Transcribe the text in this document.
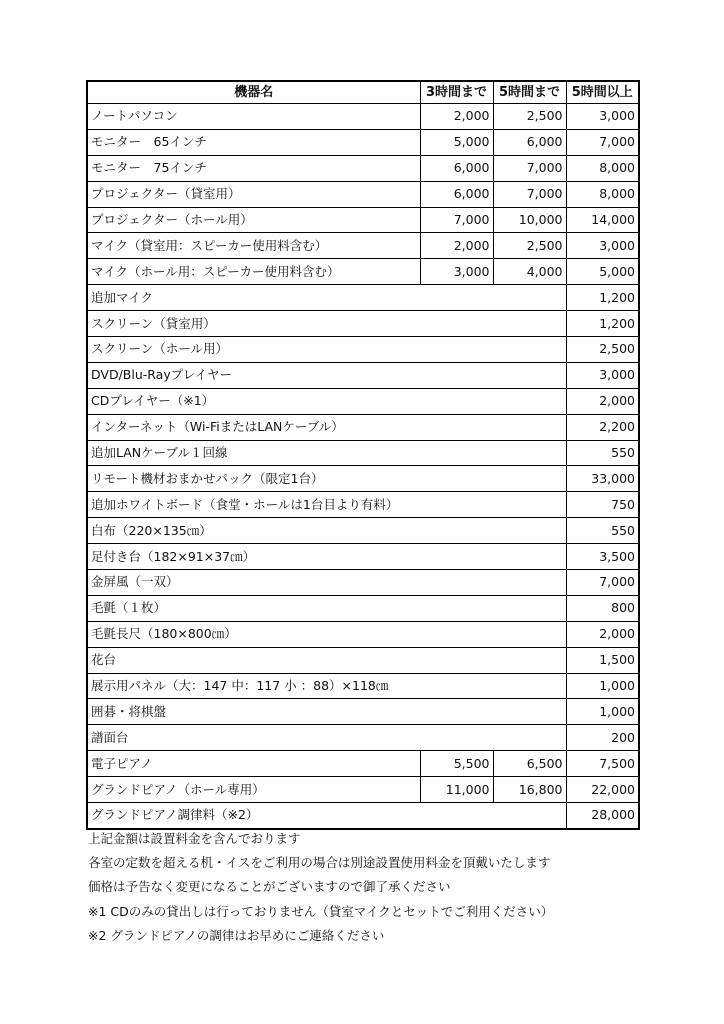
機器名	3時間まで	5時間まで	5時間以上
ノートパソコン	2,000	2,500	3,000
モニター　65インチ	5,000	6,000	7,000
モニター　75インチ	6,000	7,000	8,000
プロジェクター（貸室用）	6,000	7,000	8,000
プロジェクター（ホール用）	7,000	10,000	14,000
マイク（貸室用：スピーカー使用料含む）	2,000	2,500	3,000
マイク（ホール用：スピーカー使用料含む）	3,000	4,000	5,000
追加マイク			1,200
スクリーン（貸室用）			1,200
スクリーン（ホール用）			2,500
DVD/Blu-Rayプレイヤー			3,000
CDプレイヤー（※1）			2,000
インターネット（Wi-FiまたはLANケーブル）			2,200
追加LANケーブル１回線			550
リモート機材おまかせパック（限定1台）			33,000
追加ホワイトボード（食堂・ホールは1台目より有料）			750
白布（220×135㎝）			550
足付き台（182×91×37㎝）			3,500
金屏風（一双）			7,000
毛氈（１枚）			800
毛氈長尺（180×800㎝）			2,000
花台			1,500
展示用パネル（大：147 中：117 小 ：88）×118㎝			1,000
囲碁・将棋盤			1,000
譜面台			200
電子ピアノ	5,500	6,500	7,500
グランドピアノ（ホール専用）	11,000	16,800	22,000
グランドピアノ調律料（※2）			28,000
上記金額は設置料金を含んでおります
各室の定数を超える机・イスをご利用の場合は別途設置使用料金を頂戴いたします
価格は予告なく変更になることがございますので御了承ください
※1 CDのみの貸出しは行っておりません（貸室マイクとセットでご利用ください）
※2 グランドピアノの調律はお早めにご連絡ください
